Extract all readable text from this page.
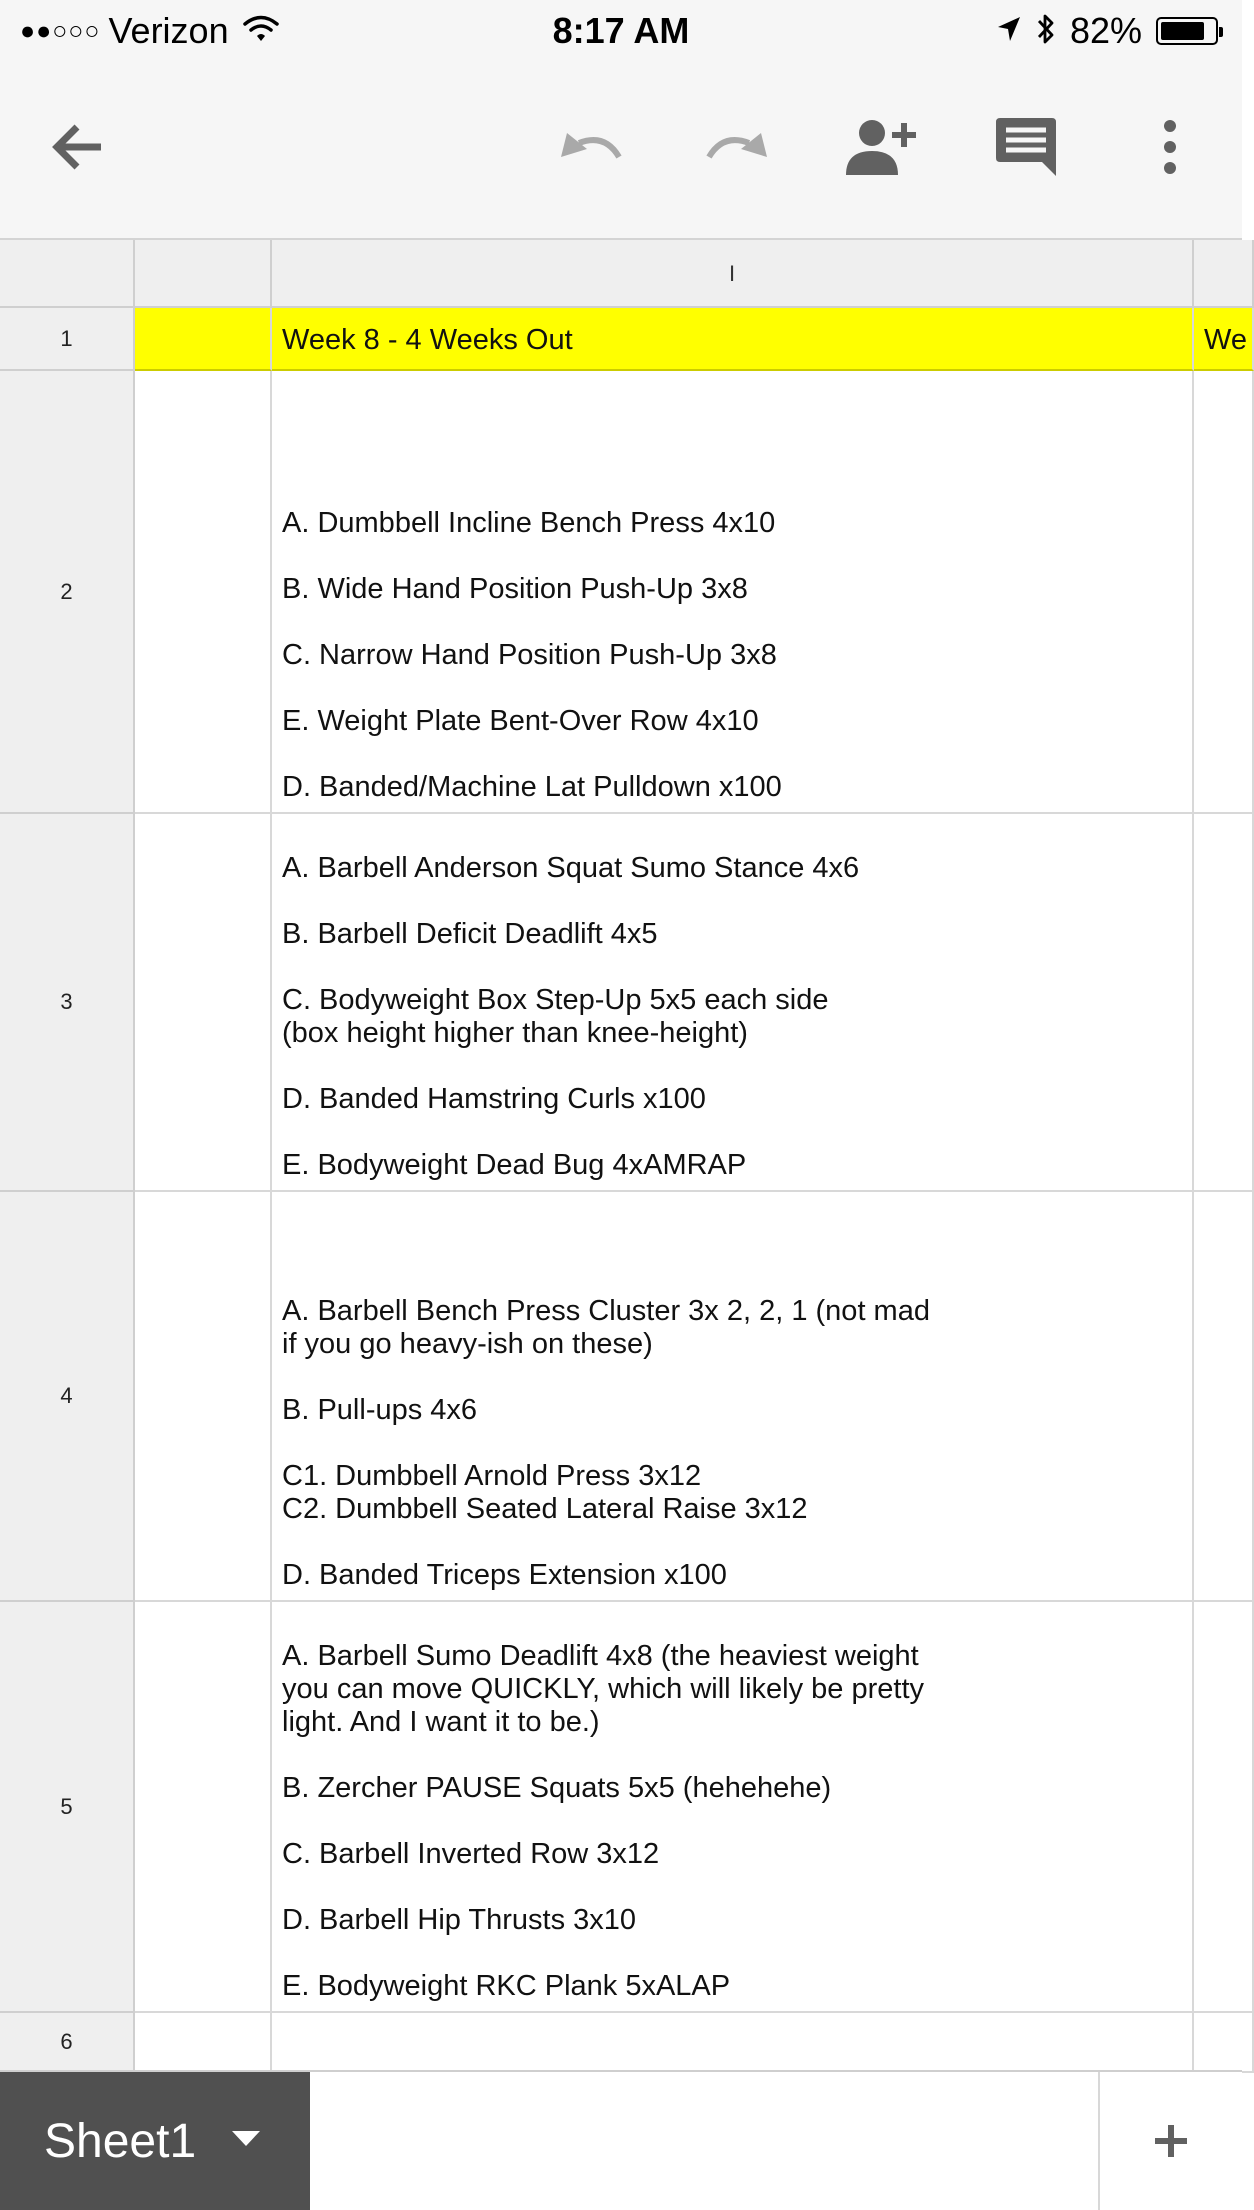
●●○○○ Verizon	8:17 AM	82%
I
1	Week 8 - 4 Weeks Out	We
2
A. Dumbbell Incline Bench Press 4x10

B. Wide Hand Position Push-Up 3x8

C. Narrow Hand Position Push-Up 3x8

E. Weight Plate Bent-Over Row 4x10

D. Banded/Machine Lat Pulldown x100
3
A. Barbell Anderson Squat Sumo Stance 4x6

B. Barbell Deficit Deadlift 4x5

C. Bodyweight Box Step-Up 5x5 each side
(box height higher than knee-height)

D. Banded Hamstring Curls x100

E. Bodyweight Dead Bug 4xAMRAP
4
A. Barbell Bench Press Cluster 3x 2, 2, 1 (not mad
if you go heavy-ish on these)

B. Pull-ups 4x6

C1. Dumbbell Arnold Press 3x12
C2. Dumbbell Seated Lateral Raise 3x12

D. Banded Triceps Extension x100
5
A. Barbell Sumo Deadlift 4x8 (the heaviest weight
you can move QUICKLY, which will likely be pretty
light. And I want it to be.)

B. Zercher PAUSE Squats 5x5 (hehehehe)

C. Barbell Inverted Row 3x12

D. Barbell Hip Thrusts 3x10

E. Bodyweight RKC Plank 5xALAP
6
Sheet1
